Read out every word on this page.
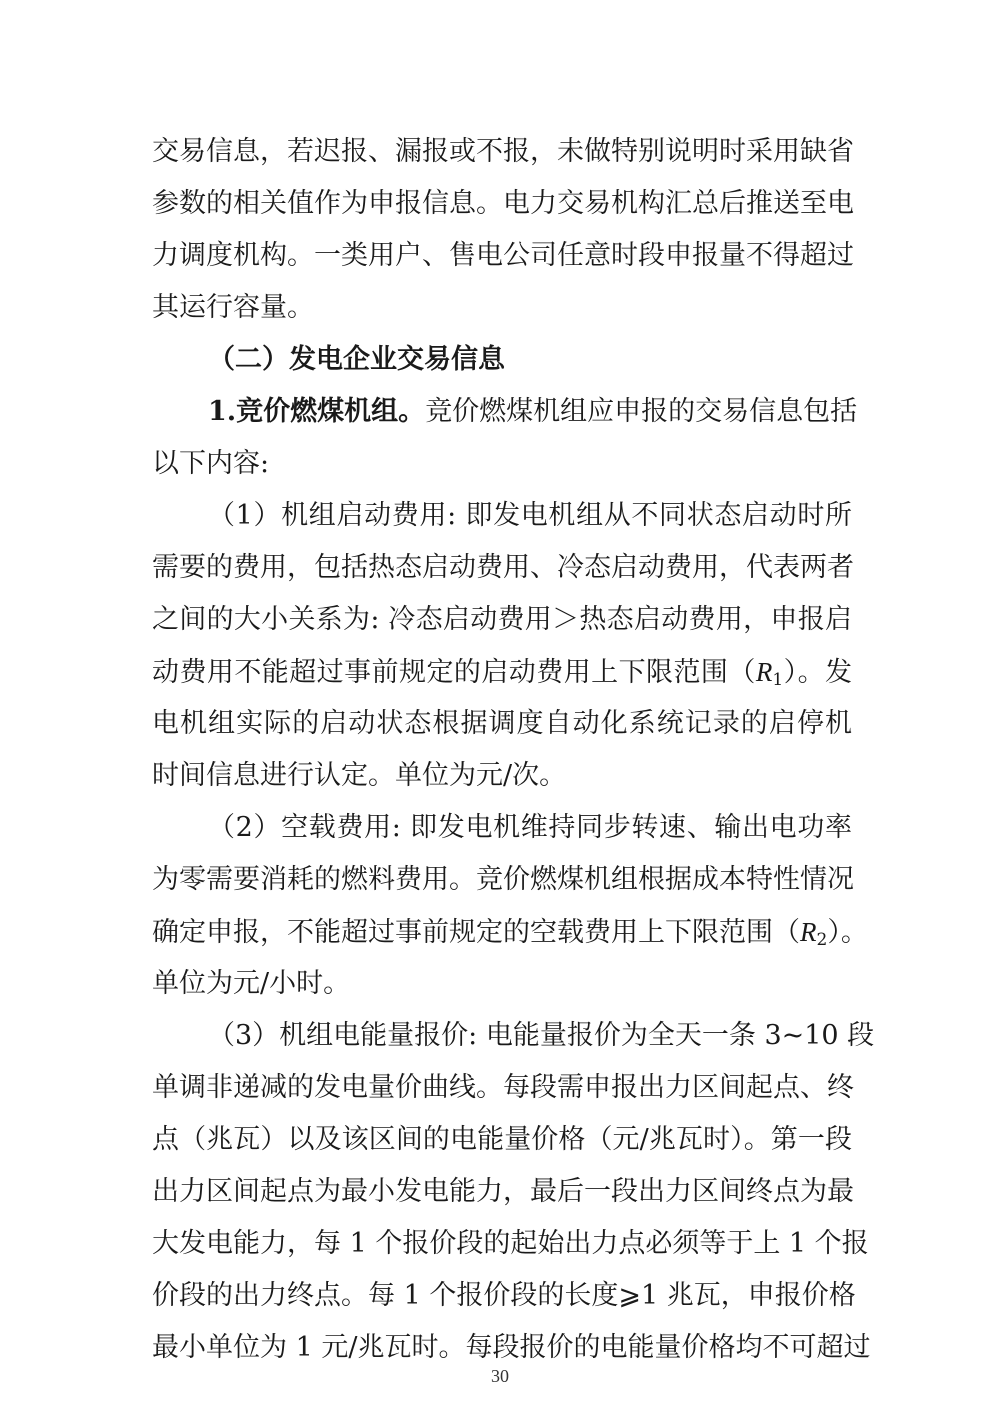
交易信息，若迟报、漏报或不报，未做特别说明时采用缺省
参数的相关值作为申报信息。电力交易机构汇总后推送至电
力调度机构。一类用户、售电公司任意时段申报量不得超过
其运行容量。
（二）发电企业交易信息
1.竞价燃煤机组。竞价燃煤机组应申报的交易信息包括
以下内容:
（1）机组启动费用: 即发电机组从不同状态启动时所
需要的费用，包括热态启动费用、冷态启动费用，代表两者
之间的大小关系为: 冷态启动费用＞热态启动费用，申报启
动费用不能超过事前规定的启动费用上下限范围$(R_1)$。发
电机组实际的启动状态根据调度自动化系统记录的启停机
时间信息进行认定。单位为元/次。
（2）空载费用: 即发电机维持同步转速、输出电功率
为零需要消耗的燃料费用。竞价燃煤机组根据成本特性情况
确定申报，不能超过事前规定的空载费用上下限范围$(R_2)$。
单位为元/小时。
（3）机组电能量报价: 电能量报价为全天一条 3~10 段
单调非递减的发电量价曲线。每段需申报出力区间起点、终
点（兆瓦）以及该区间的电能量价格（元/兆瓦时）。第一段
出力区间起点为最小发电能力，最后一段出力区间终点为最
大发电能力，每 1 个报价段的起始出力点必须等于上 1 个报
价段的出力终点。每 1 个报价段的长度⩾1 兆瓦，申报价格
最小单位为 1 元/兆瓦时。每段报价的电能量价格均不可超过
30
